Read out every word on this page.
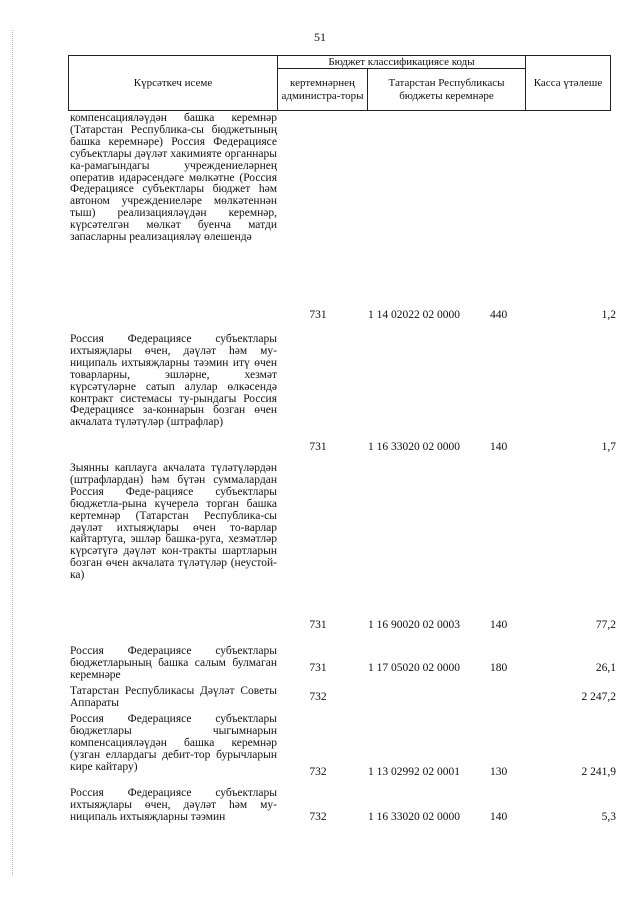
51
Күрсәткеч исеме
Бюджет классификациясе коды
кертемнәрнең администра-торы
Татарстан Республикасы бюджеты керемнәре
Касса үтәлеше
компенсацияләүдән башка керемнәр (Татарстан Республика-сы бюджетының башка керемнәре) Россия Федерациясе субъектлары дәүләт хакимияте органнары ка-рамагындагы учреждениеләрнең оператив идарәсендәге мөлкәтне (Россия Федерациясе субъектлары бюджет һәм автоном учреждениеләре мөлкәтеннән тыш) реализацияләүдән керемнәр, күрсәтелгән мөлкәт буенча матди запасларны реализацияләү өлешендә
731	1 14 02022 02 0000	440	1,2
Россия Федерациясе субъектлары ихтыяҗлары өчен, дәүләт һәм му-ниципаль ихтыяҗларны тәэмин итү өчен товарларны, эшләрне, хезмәт күрсәтүләрне сатып алулар өлкәсендә контракт системасы ту-рындагы Россия Федерациясе за-коннарын бозган өчен акчалата түләтүләр (штрафлар)
731	1 16 33020 02 0000	140	1,7
Зыянны каплауга акчалата түләтүләрдән (штрафлардан) һәм бүтән суммалардан Россия Феде-рациясе субъектлары бюджетла-рына күчерелә торган башка кертемнәр (Татарстан Республика-сы дәүләт ихтыяҗлары өчен то-варлар кайтартуга, эшләр башка-руга, хезмәтләр күрсәтүгә дәүләт кон-тракты шартларын бозган өчен акчалата түләтүләр (неустой-ка)
731	1 16 90020 02 0003	140	77,2
Россия Федерациясе субъектлары бюджетларының башка салым булмаган керемнәре
731	1 17 05020 02 0000	180	26,1
Татарстан Республикасы Дәүләт Советы Аппараты	732	2 247,2
Россия Федерациясе субъектлары бюджетлары чыгымнарын компенсацияләүдән башка керемнәр (узган еллардагы дебит-тор бурычларын кире кайтару)	732	1 13 02992 02 0001	130	2 241,9
Россия Федерациясе субъектлары ихтыяҗлары өчен, дәүләт һәм му-ниципаль ихтыяҗларны тәэмин	732	1 16 33020 02 0000	140	5,3
